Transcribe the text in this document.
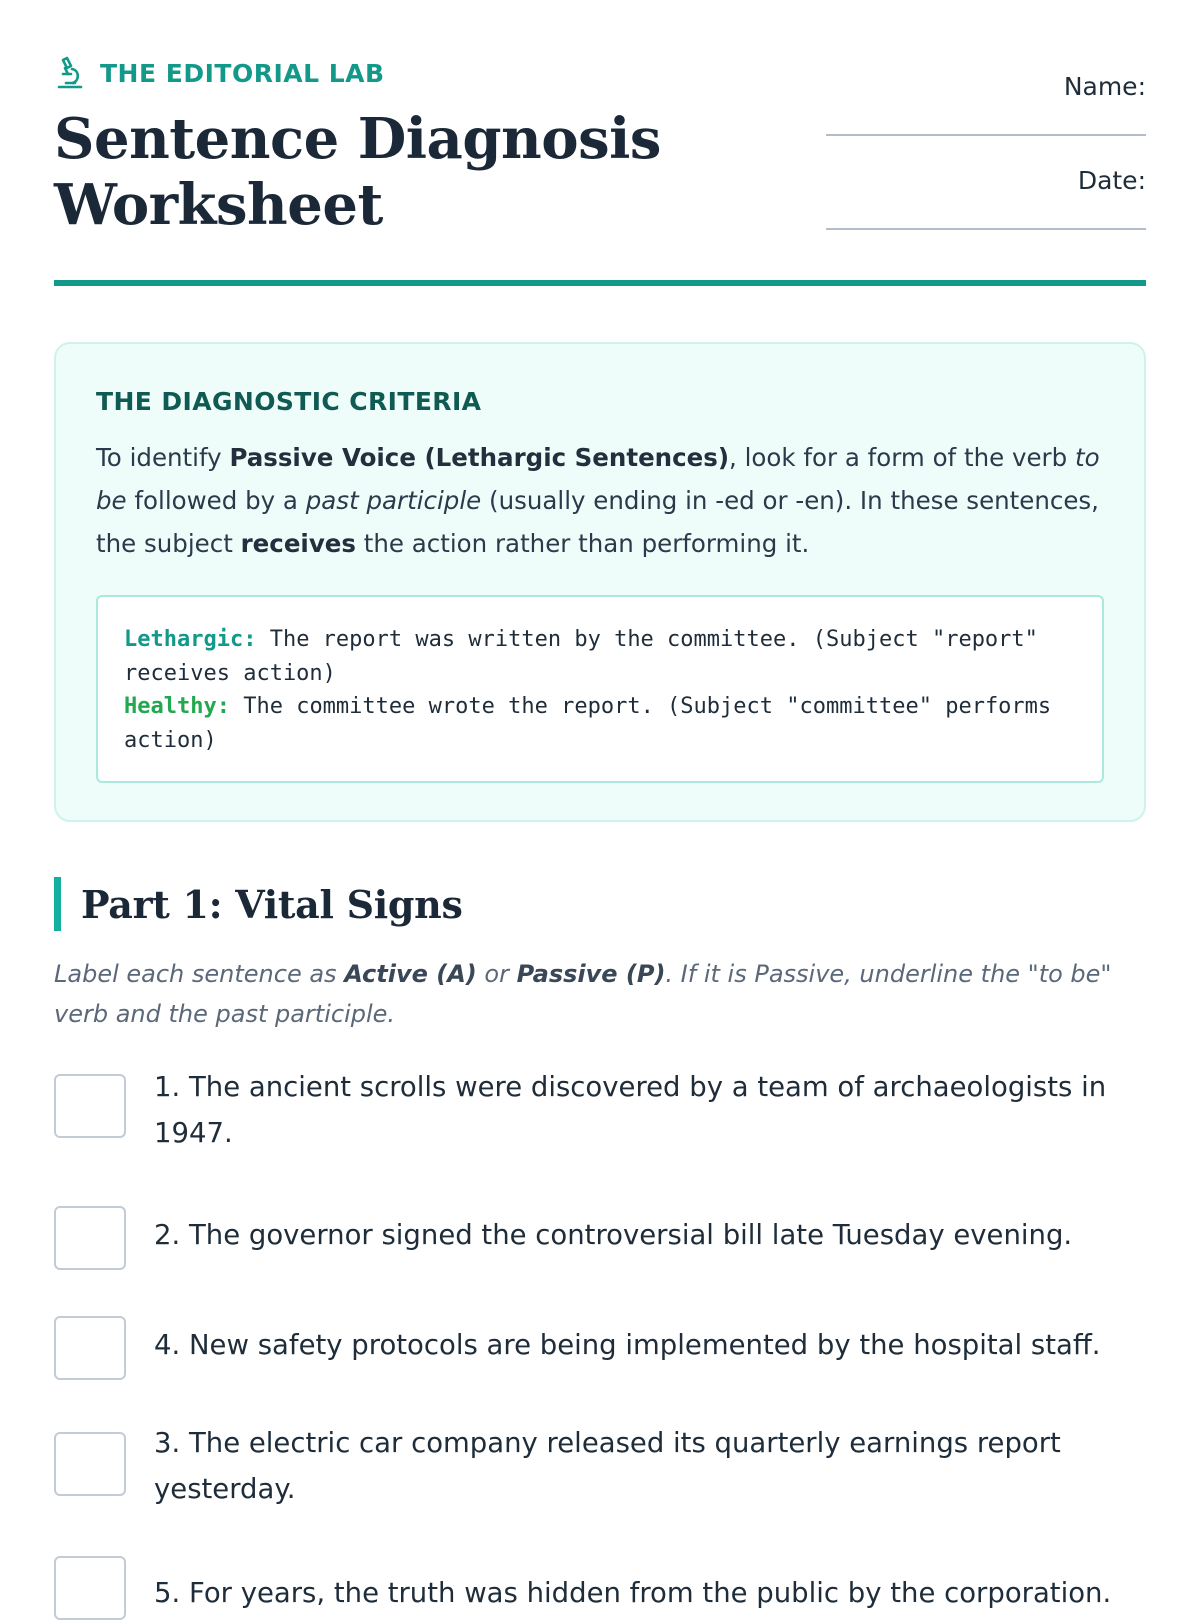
THE EDITORIAL LAB
Sentence Diagnosis Worksheet
Name:
Date:
THE DIAGNOSTIC CRITERIA

To identify Passive Voice (Lethargic Sentences), look for a form of the verb to be followed by a past participle (usually ending in -ed or -en). In these sentences, the subject receives the action rather than performing it.

Lethargic: The report was written by the committee. (Subject "report" receives action)
Healthy: The committee wrote the report. (Subject "committee" performs action)
Part 1: Vital Signs

Label each sentence as Active (A) or Passive (P). If it is Passive, underline the "to be" verb and the past participle.

1. The ancient scrolls were discovered by a team of archaeologists in 1947.
2. The governor signed the controversial bill late Tuesday evening.
4. New safety protocols are being implemented by the hospital staff.
3. The electric car company released its quarterly earnings report yesterday.
5. For years, the truth was hidden from the public by the corporation.
